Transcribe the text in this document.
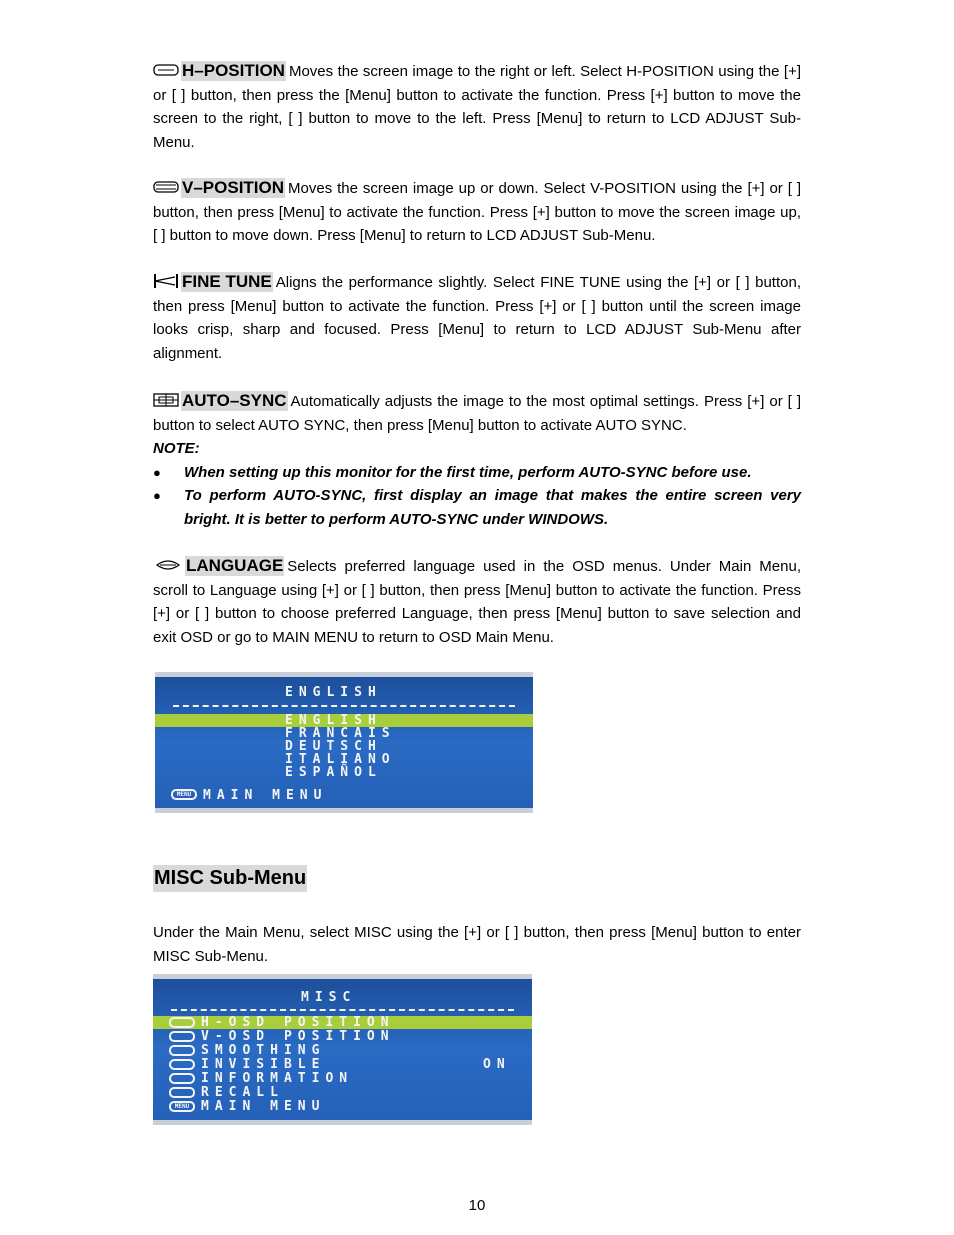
H–POSITION Moves the screen image to the right or left. Select H-POSITION using the [+] or [ ] button, then press the [Menu] button to activate the function. Press [+] button to move the screen to the right, [ ] button to move to the left. Press [Menu] to return to LCD ADJUST Sub-Menu.
V–POSITION Moves the screen image up or down. Select V-POSITION using the [+] or [ ] button, then press [Menu] to activate the function. Press [+] button to move the screen image up, [ ] button to move down. Press [Menu] to return to LCD ADJUST Sub-Menu.
FINE TUNE Aligns the performance slightly. Select FINE TUNE using the [+] or [ ] button, then press [Menu] button to activate the function. Press [+] or [ ] button until the screen image looks crisp, sharp and focused. Press [Menu] to return to LCD ADJUST Sub-Menu after alignment.
AUTO–SYNC Automatically adjusts the image to the most optimal settings. Press [+] or [ ] button to select AUTO SYNC, then press [Menu] button to activate AUTO SYNC.
NOTE:
● When setting up this monitor for the first time, perform AUTO-SYNC before use.
● To perform AUTO-SYNC, first display an image that makes the entire screen very bright. It is better to perform AUTO-SYNC under WINDOWS.
LANGUAGE Selects preferred language used in the OSD menus. Under Main Menu, scroll to Language using [+] or [ ] button, then press [Menu] button to activate the function. Press [+] or [ ] button to choose preferred Language, then press [Menu] button to save selection and exit OSD or go to MAIN MENU to return to OSD Main Menu.
ENGLISH
ENGLISH
FRANCAIS
DEUTSCH
ITALIANO
ESPAÑOL
MENU MAIN MENU
MISC Sub-Menu
Under the Main Menu, select MISC using the [+] or [ ] button, then press [Menu] button to enter MISC Sub-Menu.
MISC
H-OSD POSITION
V-OSD POSITION
SMOOTHING
INVISIBLE	ON
INFORMATION
RECALL
MENU MAIN MENU
10
